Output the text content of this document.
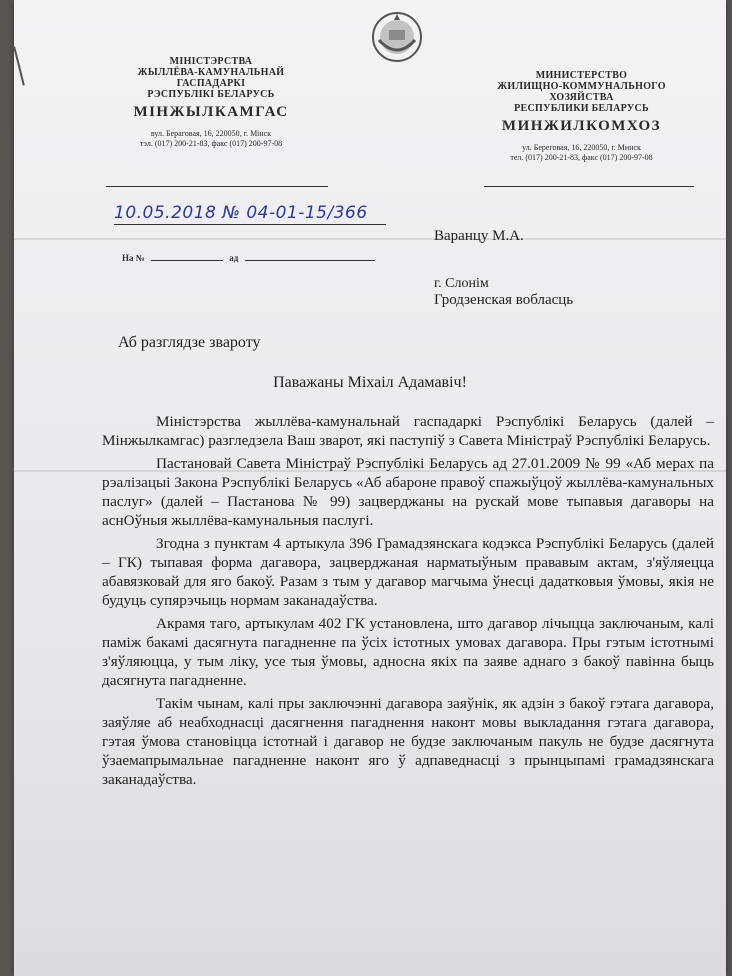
МІНІСТЭРСТВА
ЖЫЛЛЁВА-КАМУНАЛЬНАЙ
ГАСПАДАРКІ
РЭСПУБЛІКІ БЕЛАРУСЬ
МІНЖЫЛКАМГАС
вул. Бераговая, 16, 220050, г. Мінск
тэл. (017) 200-21-83, факс (017) 200-97-08
МИНИСТЕРСТВО
ЖИЛИЩНО-КОММУНАЛЬНОГО
ХОЗЯЙСТВА
РЕСПУБЛИКИ БЕЛАРУСЬ
МИНЖИЛКОМХОЗ
ул. Береговая, 16, 220050, г. Минск
тел. (017) 200-21-83, факс (017) 200-97-08
10.05.2018 № 04-01-15/366
На №	ад
Варанцу М.А.
г. Слонім
Гродзенская вобласць
Аб разглядзе звароту
Паважаны Міхаіл Адамавіч!

Міністэрства жыллёва-камунальнай гаспадаркі Рэспублікі Беларусь (далей – Мінжылкамгас) разгледзела Ваш зварот, які паступіў з Савета Міністраў Рэспублікі Беларусь.

Пастановай Савета Міністраў Рэспублікі Беларусь ад 27.01.2009 № 99 «Аб мерах па рэалізацыі Закона Рэспублікі Беларусь «Аб абароне правоў спажыўцоў жыллёва-камунальных паслуг» (далей – Пастанова № 99) зацверджаны на рускай мове тыпавыя дагаворы на аснОўныя жыллёва-камунальныя паслугі.

Згодна з пунктам 4 артыкула 396 Грамадзянскага кодэкса Рэспублікі Беларусь (далей – ГК) тыпавая форма дагавора, зацверджаная нарматыўным прававым актам, з'яўляецца абавязковай для яго бакоў. Разам з тым у дагавор магчыма ўнесці дадатковыя ўмовы, якія не будуць супярэчыць нормам заканадаўства.

Акрамя таго, артыкулам 402 ГК установлена, што дагавор лічыцца заключаным, калі паміж бакамі дасягнута пагадненне па ўсіх істотных умовах дагавора. Пры гэтым істотнымі з'яўляюцца, у тым ліку, усе тыя ўмовы, адносна якіх па заяве аднаго з бакоў павінна быць дасягнута пагадненне.

Такім чынам, калі пры заключэнні дагавора заяўнік, як адзін з бакоў гэтага дагавора, заяўляе аб неабходнасці дасягнення пагаднення наконт мовы выкладання гэтага дагавора, гэтая ўмова становіцца істотнай і дагавор не будзе заключаным пакуль не будзе дасягнута ўзаемапрымальнае пагадненне наконт яго ў адпаведнасці з прынцыпамі грамадзянскага заканадаўства.
